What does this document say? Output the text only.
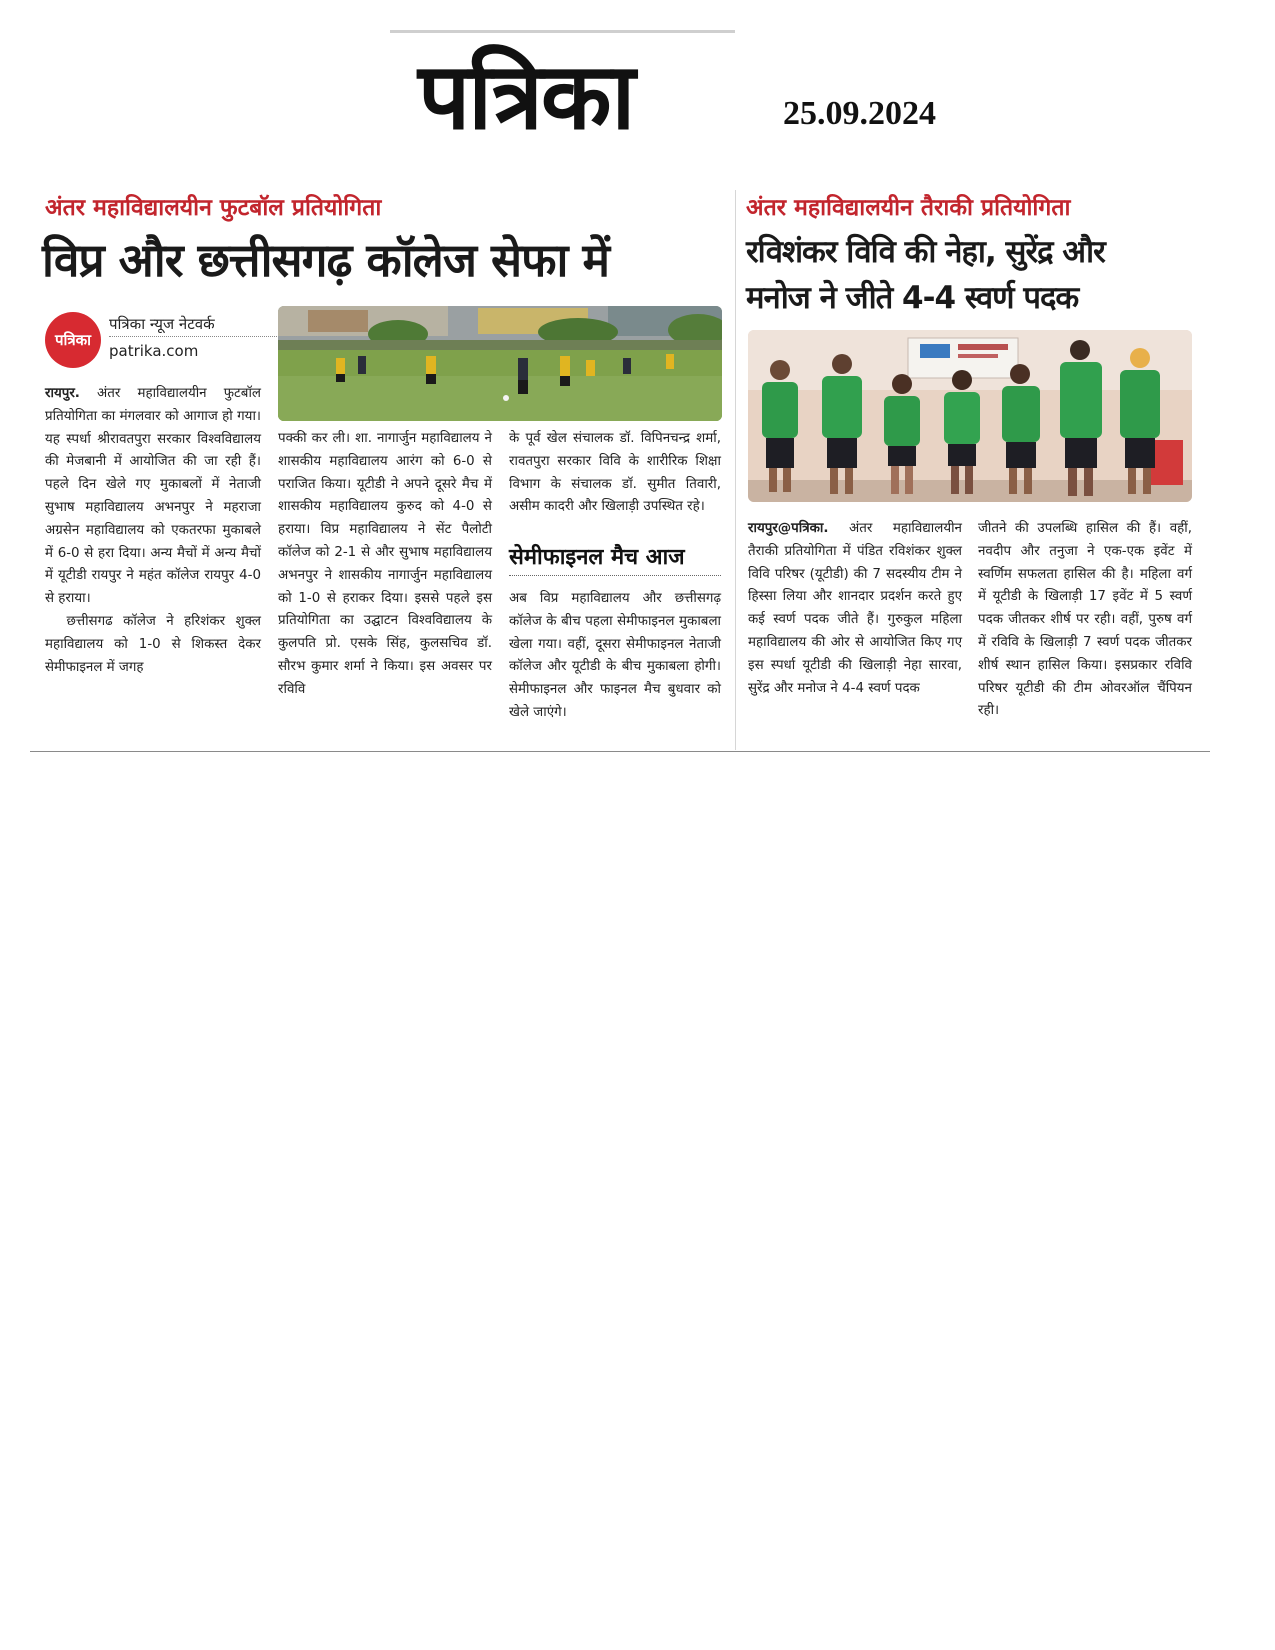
पत्रिका	25.09.2024
अंतर महाविद्यालयीन फुटबॉल प्रतियोगिता
विप्र और छत्तीसगढ़ कॉलेज सेफा में
पत्रिका
पत्रिका न्यूज नेटवर्क
patrika.com

रायपुर. अंतर महाविद्यालयीन फुटबॉल प्रतियोगिता का मंगलवार को आगाज हो गया। यह स्पर्धा श्रीरावतपुरा सरकार विश्वविद्यालय की मेजबानी में आयोजित की जा रही हैं। पहले दिन खेले गए मुकाबलों में नेताजी सुभाष महाविद्यालय अभनपुर ने महराजा अग्रसेन महाविद्यालय को एकतरफा मुकाबले में 6-0 से हरा दिया। अन्य मैचों में अन्य मैचों में यूटीडी रायपुर ने महंत कॉलेज रायपुर 4-0 से हराया।

छत्तीसगढ कॉलेज ने हरिशंकर शुक्ल महाविद्यालय को 1-0 से शिकस्त देकर सेमीफाइनल में जगह

पक्की कर ली। शा. नागार्जुन महाविद्यालय ने शासकीय महाविद्यालय आरंग को 6-0 से पराजित किया। यूटीडी ने अपने दूसरे मैच में शासकीय महाविद्यालय कुरुद को 4-0 से हराया। विप्र महाविद्यालय ने सेंट पैलोटी कॉलेज को 2-1 से और सुभाष महाविद्यालय अभनपुर ने शासकीय नागार्जुन महाविद्यालय को 1-0 से हराकर दिया। इससे पहले इस प्रतियोगिता का उद्घाटन विश्वविद्यालय के कुलपति प्रो. एसके सिंह, कुलसचिव डॉ. सौरभ कुमार शर्मा ने किया। इस अवसर पर रविवि
के पूर्व खेल संचालक डॉ. विपिनचन्द्र शर्मा, रावतपुरा सरकार विवि के शारीरिक शिक्षा विभाग के संचालक डॉ. सुमीत तिवारी, असीम कादरी और खिलाड़ी उपस्थित रहे।
सेमीफाइनल मैच आज
अब विप्र महाविद्यालय और छत्तीसगढ़ कॉलेज के बीच पहला सेमीफाइनल मुकाबला खेला गया। वहीं, दूसरा सेमीफाइनल नेताजी कॉलेज और यूटीडी के बीच मुकाबला होगी। सेमीफाइनल और फाइनल मैच बुधवार को खेले जाएंगे।
अंतर महाविद्यालयीन तैराकी प्रतियोगिता
रविशंकर विवि की नेहा, सुरेंद्र और
मनोज ने जीते 4-4 स्वर्ण पदक

रायपुर@पत्रिका. अंतर महाविद्यालयीन तैराकी प्रतियोगिता में पंडित रविशंकर शुक्ल विवि परिषर (यूटीडी) की 7 सदस्यीय टीम ने हिस्सा लिया और शानदार प्रदर्शन करते हुए कई स्वर्ण पदक जीते हैं। गुरुकुल महिला महाविद्यालय की ओर से आयोजित किए गए इस स्पर्धा यूटीडी की खिलाड़ी नेहा सारवा, सुरेंद्र और मनोज ने 4-4 स्वर्ण पदक

जीतने की उपलब्धि हासिल की हैं। वहीं, नवदीप और तनुजा ने एक-एक इवेंट में स्वर्णिम सफलता हासिल की है। महिला वर्ग में यूटीडी के खिलाड़ी 17 इवेंट में 5 स्वर्ण पदक जीतकर शीर्ष पर रही। वहीं, पुरुष वर्ग में रविवि के खिलाड़ी 7 स्वर्ण पदक जीतकर शीर्ष स्थान हासिल किया। इसप्रकार रविवि परिषर यूटीडी की टीम ओवरऑल चैंपियन रही।
